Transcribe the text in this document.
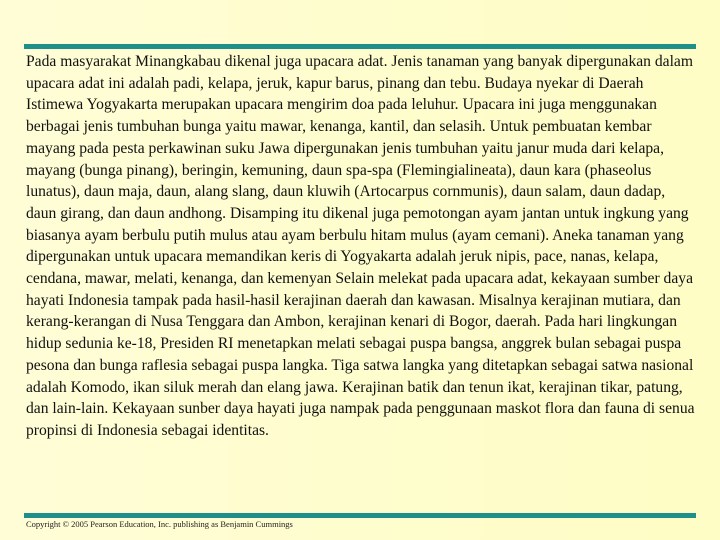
Pada masyarakat Minangkabau dikenal juga upacara adat. Jenis tanaman yang banyak dipergunakan dalam upacara adat ini adalah padi, kelapa, jeruk, kapur barus, pinang dan tebu. Budaya nyekar di Daerah Istimewa Yogyakarta merupakan upacara mengirim doa pada leluhur. Upacara ini juga menggunakan berbagai jenis tumbuhan bunga yaitu mawar, kenanga, kantil, dan selasih. Untuk pembuatan kembar mayang pada pesta perkawinan suku Jawa dipergunakan jenis tumbuhan yaitu janur muda dari kelapa, mayang (bunga pinang), beringin, kemuning, daun spa-spa (Flemingialineata), daun kara (phaseolus lunatus), daun maja, daun, alang slang, daun kluwih (Artocarpus cornmunis), daun salam, daun dadap, daun girang, dan daun andhong. Disamping itu dikenal juga pemotongan ayam jantan untuk ingkung yang biasanya ayam berbulu putih mulus atau ayam berbulu hitam mulus (ayam cemani). Aneka tanaman yang dipergunakan untuk upacara memandikan keris di Yogyakarta adalah jeruk nipis, pace, nanas, kelapa, cendana, mawar, melati, kenanga, dan kemenyan Selain melekat pada upacara adat, kekayaan sumber daya hayati Indonesia tampak pada hasil-hasil kerajinan daerah dan kawasan. Misalnya kerajinan mutiara, dan kerang-kerangan di Nusa Tenggara dan Ambon, kerajinan kenari di Bogor, daerah. Pada hari lingkungan hidup sedunia ke-18, Presiden RI menetapkan melati sebagai puspa bangsa, anggrek bulan sebagai puspa pesona dan bunga raflesia sebagai puspa langka. Tiga satwa langka yang ditetapkan sebagai satwa nasional adalah Komodo, ikan siluk merah dan elang jawa. Kerajinan batik dan tenun ikat, kerajinan tikar, patung, dan lain-lain. Kekayaan sunber daya hayati juga nampak pada penggunaan maskot flora dan fauna di senua propinsi di Indonesia sebagai identitas.

Copyright © 2005 Pearson Education, Inc. publishing as Benjamin Cummings
